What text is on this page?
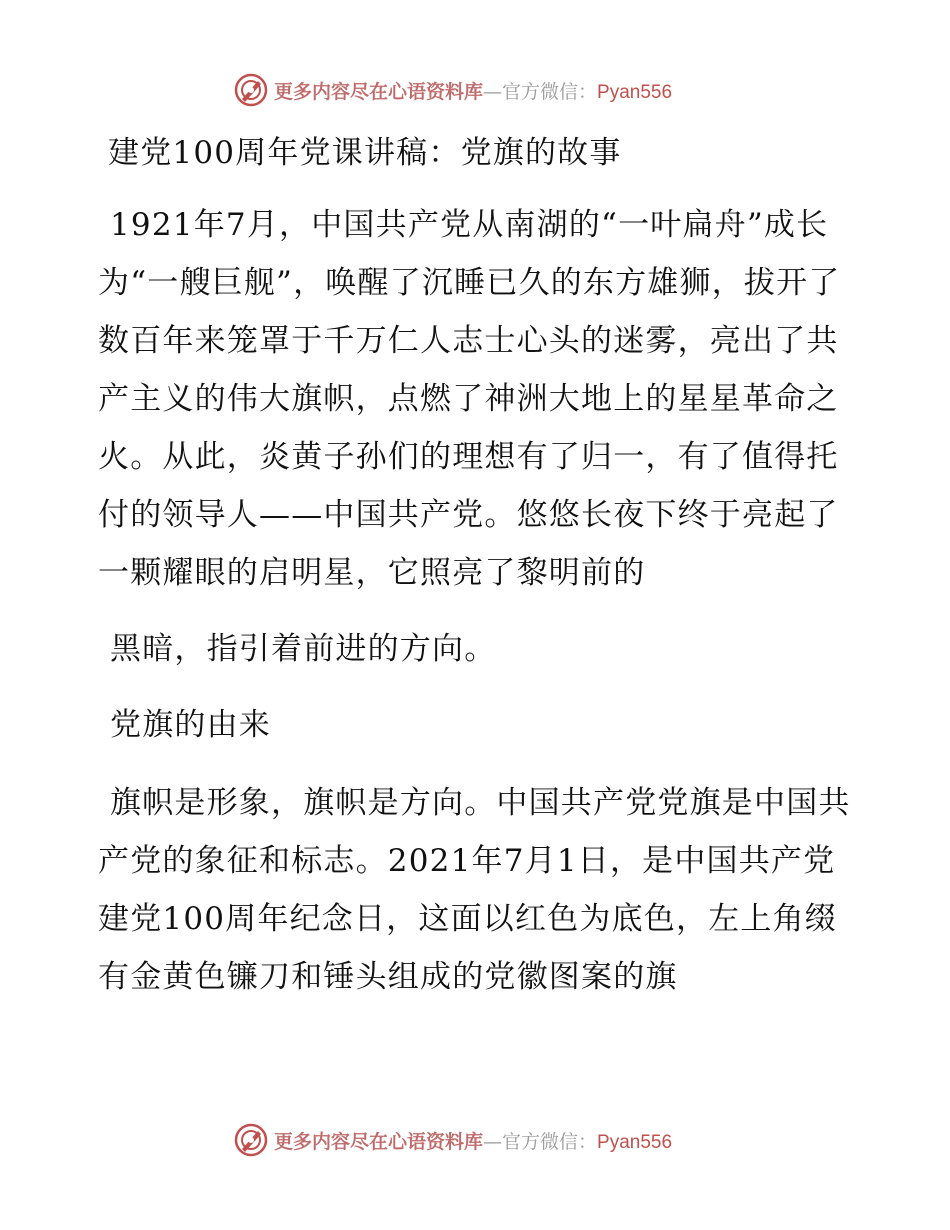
更多内容尽在心语资料库—官方微信：Pyan556

建党100周年党课讲稿：党旗的故事

1921年7月，中国共产党从南湖的“一叶扁舟”成长为“一艘巨舰”，唤醒了沉睡已久的东方雄狮，拔开了数百年来笼罩于千万仁人志士心头的迷雾，亮出了共产主义的伟大旗帜，点燃了神洲大地上的星星革命之火。从此，炎黄子孙们的理想有了归一，有了值得托付的领导人——中国共产党。悠悠长夜下终于亮起了一颗耀眼的启明星，它照亮了黎明前的

黑暗，指引着前进的方向。

党旗的由来

旗帜是形象，旗帜是方向。中国共产党党旗是中国共产党的象征和标志。2021年7月1日，是中国共产党建党100周年纪念日，这面以红色为底色，左上角缀有金黄色镰刀和锤头组成的党徽图案的旗

更多内容尽在心语资料库—官方微信：Pyan556
